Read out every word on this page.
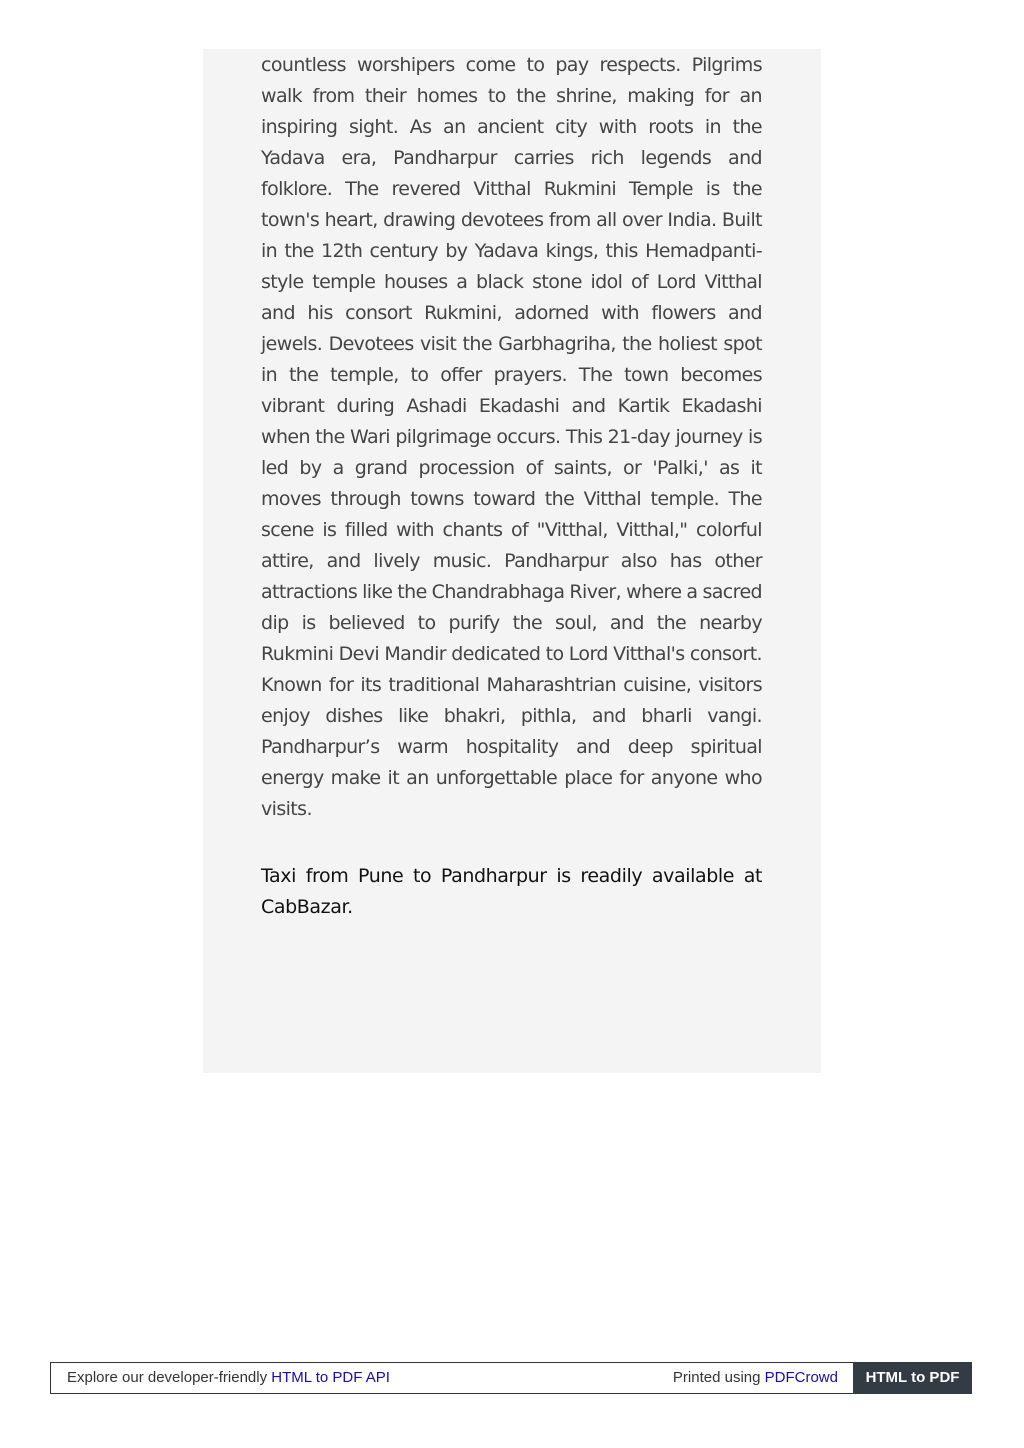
countless worshipers come to pay respects. Pilgrims walk from their homes to the shrine, making for an inspiring sight. As an ancient city with roots in the Yadava era, Pandharpur carries rich legends and folklore. The revered Vitthal Rukmini Temple is the town's heart, drawing devotees from all over India. Built in the 12th century by Yadava kings, this Hemadpanti-style temple houses a black stone idol of Lord Vitthal and his consort Rukmini, adorned with flowers and jewels. Devotees visit the Garbhagriha, the holiest spot in the temple, to offer prayers. The town becomes vibrant during Ashadi Ekadashi and Kartik Ekadashi when the Wari pilgrimage occurs. This 21-day journey is led by a grand procession of saints, or 'Palki,' as it moves through towns toward the Vitthal temple. The scene is filled with chants of "Vitthal, Vitthal," colorful attire, and lively music. Pandharpur also has other attractions like the Chandrabhaga River, where a sacred dip is believed to purify the soul, and the nearby Rukmini Devi Mandir dedicated to Lord Vitthal's consort. Known for its traditional Maharashtrian cuisine, visitors enjoy dishes like bhakri, pithla, and bharli vangi. Pandharpur’s warm hospitality and deep spiritual energy make it an unforgettable place for anyone who visits.

Taxi from Pune to Pandharpur is readily available at CabBazar.

Explore our developer-friendly HTML to PDF API	Printed using PDFCrowd	HTML to PDF
